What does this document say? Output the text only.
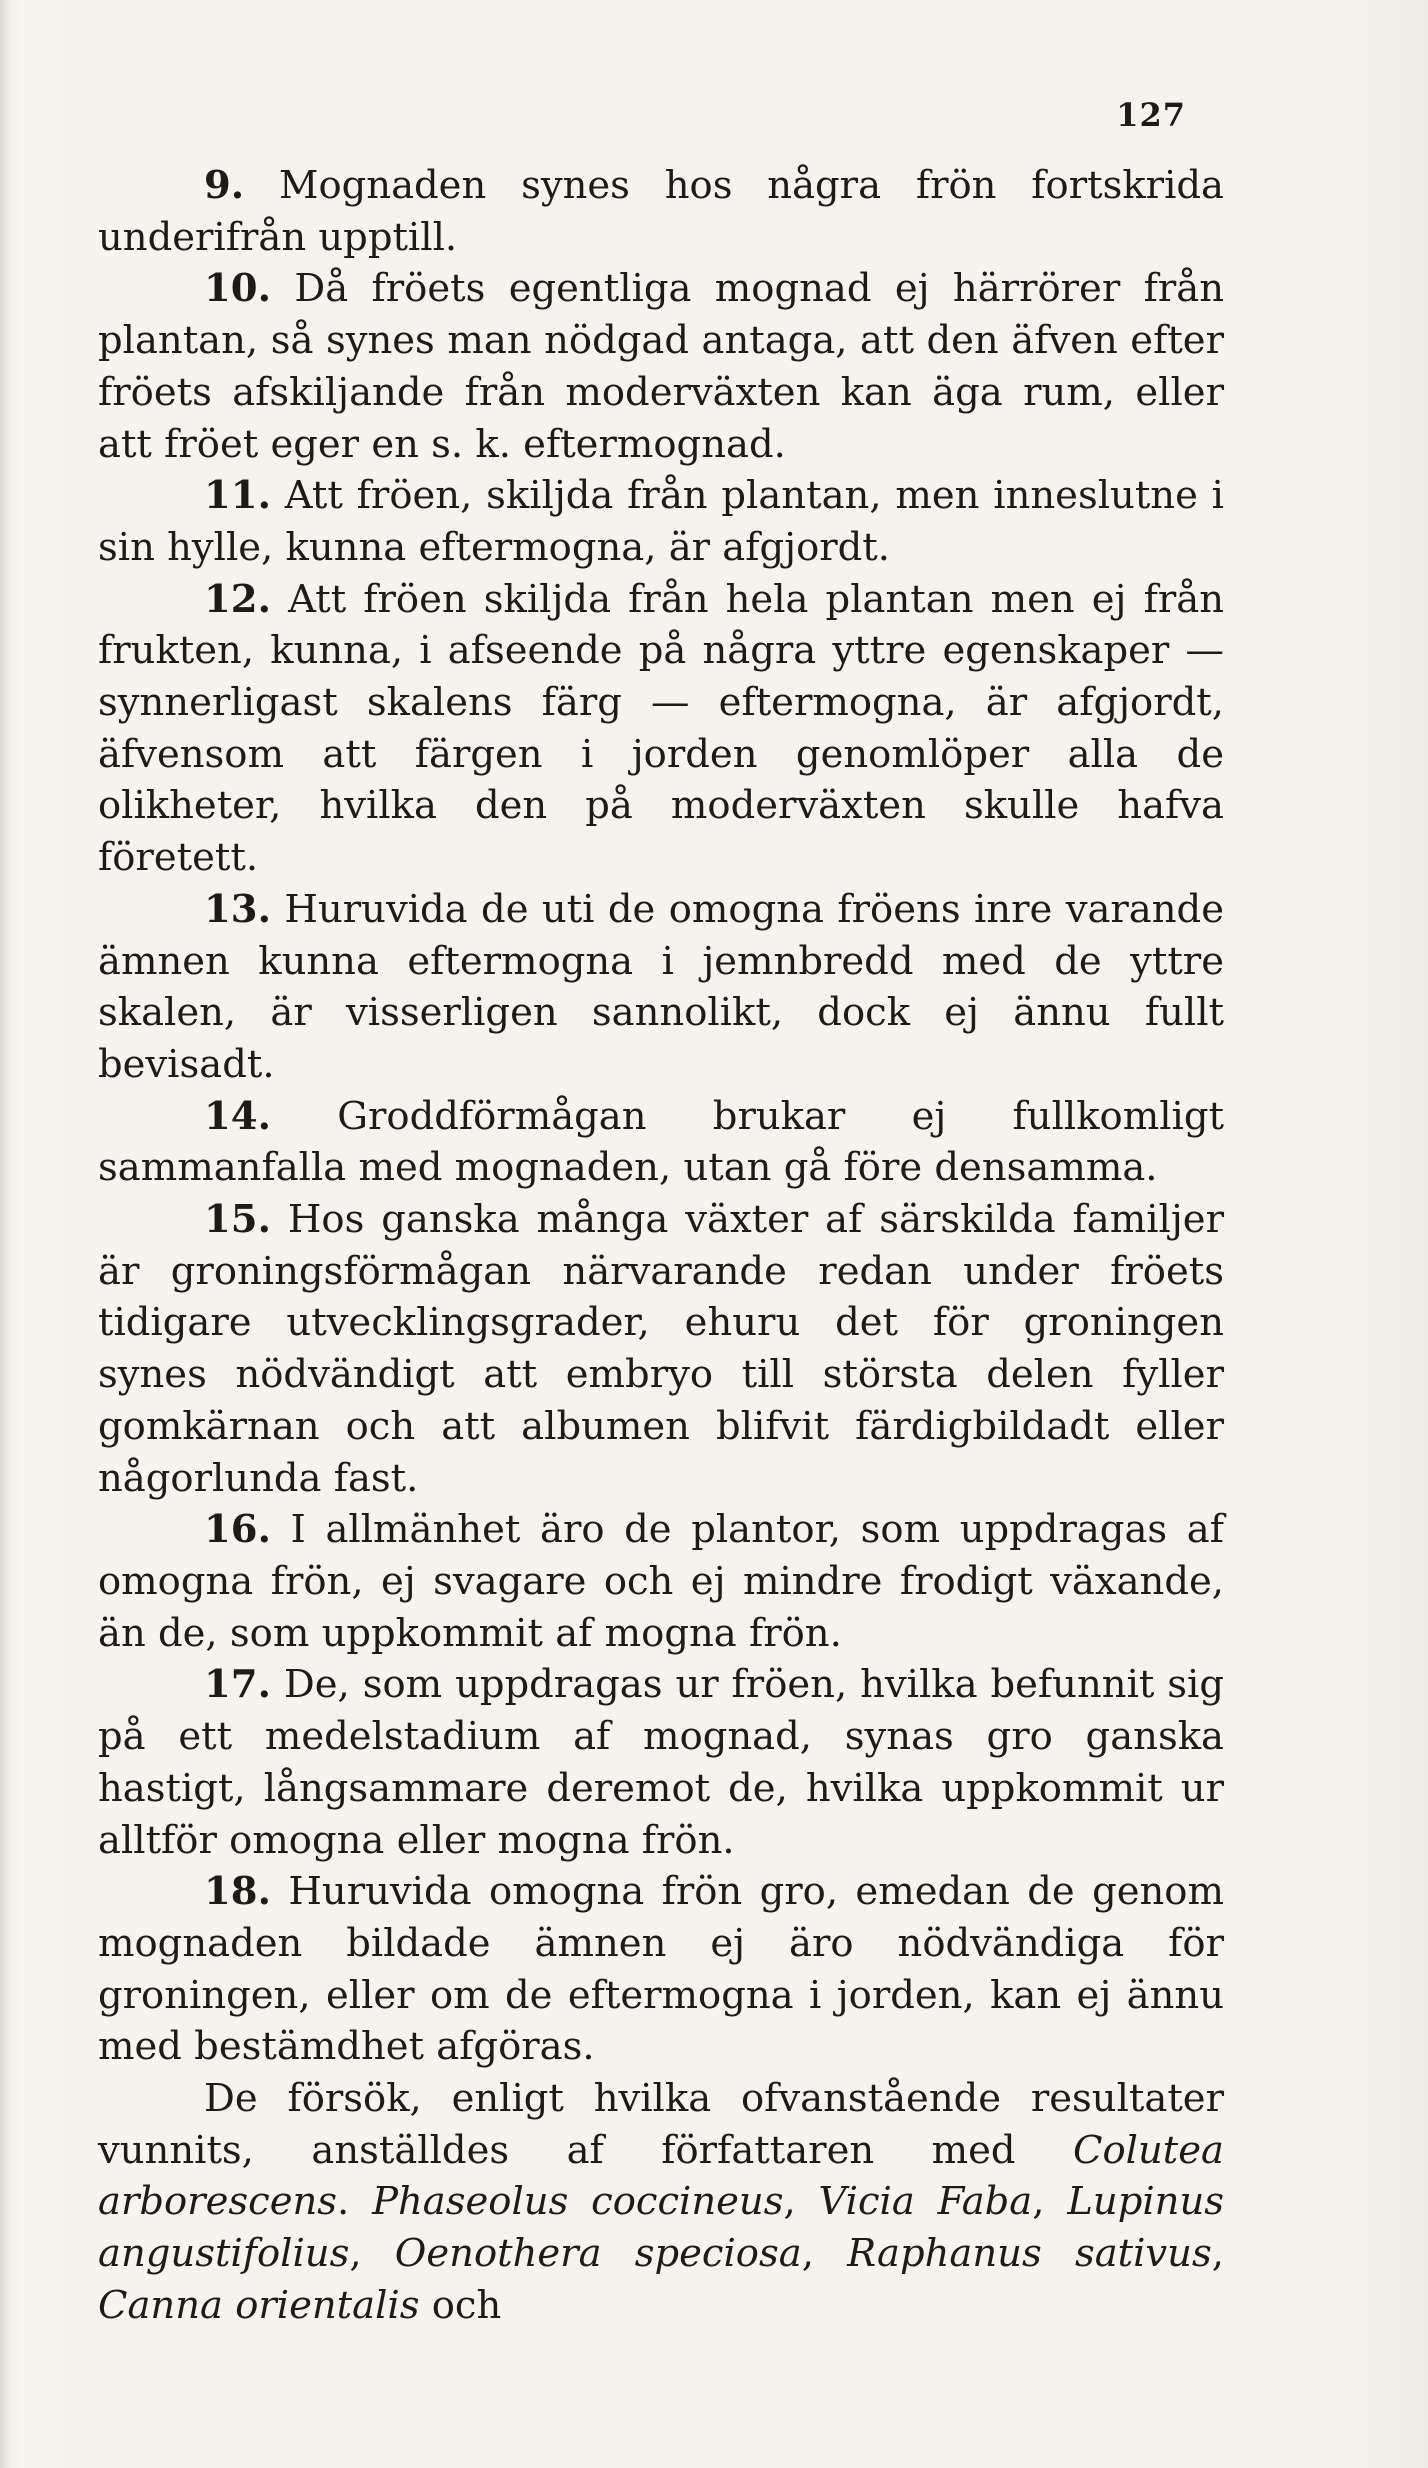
127

9. Mognaden synes hos några frön fortskrida underifrån upptill.

10. Då fröets egentliga mognad ej härrörer från plantan, så synes man nödgad antaga, att den äfven efter fröets afskiljande från moderväxten kan äga rum, eller att fröet eger en s. k. eftermognad.

11. Att fröen, skiljda från plantan, men inneslutne i sin hylle, kunna eftermogna, är afgjordt.

12. Att fröen skiljda från hela plantan men ej från frukten, kunna, i afseende på några yttre egenskaper — synnerligast skalens färg — eftermogna, är afgjordt, äfvensom att färgen i jorden genomlöper alla de olikheter, hvilka den på moderväxten skulle hafva företett.

13. Huruvida de uti de omogna fröens inre varande ämnen kunna eftermogna i jemnbredd med de yttre skalen, är visserligen sannolikt, dock ej ännu fullt bevisadt.

14. Groddförmågan brukar ej fullkomligt sammanfalla med mognaden, utan gå före densamma.

15. Hos ganska många växter af särskilda familjer är groningsförmågan närvarande redan under fröets tidigare utvecklingsgrader, ehuru det för groningen synes nödvändigt att embryo till största delen fyller gomkärnan och att albumen blifvit färdigbildadt eller någorlunda fast.

16. I allmänhet äro de plantor, som uppdragas af omogna frön, ej svagare och ej mindre frodigt växande, än de, som uppkommit af mogna frön.

17. De, som uppdragas ur fröen, hvilka befunnit sig på ett medelstadium af mognad, synas gro ganska hastigt, långsammare deremot de, hvilka uppkommit ur alltför omogna eller mogna frön.

18. Huruvida omogna frön gro, emedan de genom mognaden bildade ämnen ej äro nödvändiga för groningen, eller om de eftermogna i jorden, kan ej ännu med bestämdhet afgöras.

De försök, enligt hvilka ofvanstående resultater vunnits, anställdes af författaren med Colutea arborescens. Phaseolus coccineus, Vicia Faba, Lupinus angustifolius, Oenothera speciosa, Raphanus sativus, Canna orientalis och
